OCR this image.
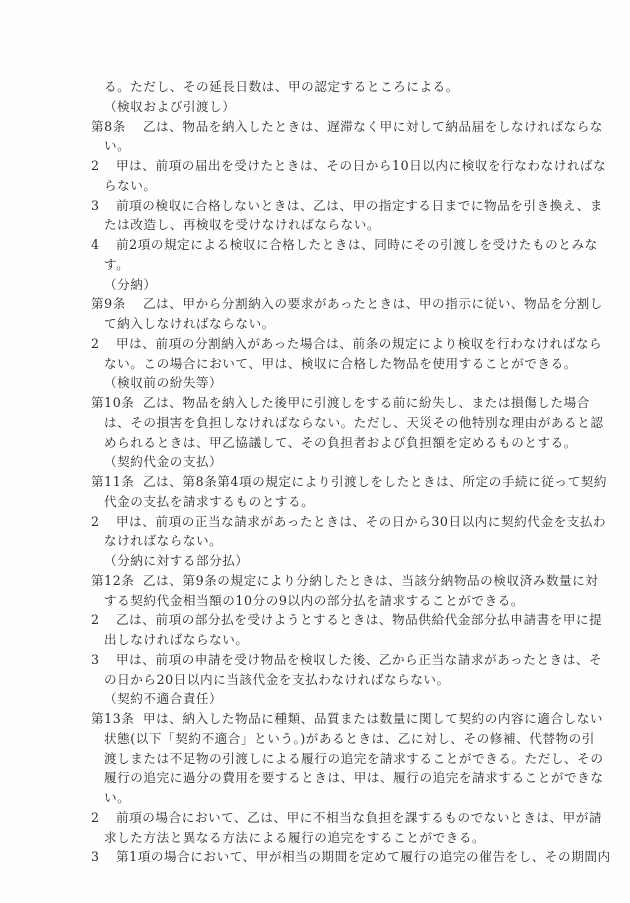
る。ただし、その延長日数は、甲の認定するところによる。
（検収および引渡し）
第8条 乙は、物品を納入したときは、遅滞なく甲に対して納品届をしなければならな
い。
2 甲は、前項の届出を受けたときは、その日から10日以内に検収を行なわなければな
らない。
3 前項の検収に合格しないときは、乙は、甲の指定する日までに物品を引き換え、ま
たは改造し、再検収を受けなければならない。
4 前2項の規定による検収に合格したときは、同時にその引渡しを受けたものとみな
す。
（分納）
第9条 乙は、甲から分割納入の要求があったときは、甲の指示に従い、物品を分割し
て納入しなければならない。
2 甲は、前項の分割納入があった場合は、前条の規定により検収を行わなければなら
ない。この場合において、甲は、検収に合格した物品を使用することができる。
（検収前の紛失等）
第10条 乙は、物品を納入した後甲に引渡しをする前に紛失し、または損傷した場合
は、その損害を負担しなければならない。ただし、天災その他特別な理由があると認
められるときは、甲乙協議して、その負担者および負担額を定めるものとする。
（契約代金の支払）
第11条 乙は、第8条第4項の規定により引渡しをしたときは、所定の手続に従って契約
代金の支払を請求するものとする。
2 甲は、前項の正当な請求があったときは、その日から30日以内に契約代金を支払わ
なければならない。
（分納に対する部分払）
第12条 乙は、第9条の規定により分納したときは、当該分納物品の検収済み数量に対
する契約代金相当額の10分の9以内の部分払を請求することができる。
2 乙は、前項の部分払を受けようとするときは、物品供給代金部分払申請書を甲に提
出しなければならない。
3 甲は、前項の申請を受け物品を検収した後、乙から正当な請求があったときは、そ
の日から20日以内に当該代金を支払わなければならない。
（契約不適合責任）
第13条 甲は、納入した物品に種類、品質または数量に関して契約の内容に適合しない
状態(以下「契約不適合」という。)があるときは、乙に対し、その修補、代替物の引
渡しまたは不足物の引渡しによる履行の追完を請求することができる。ただし、その
履行の追完に過分の費用を要するときは、甲は、履行の追完を請求することができな
い。
2 前項の場合において、乙は、甲に不相当な負担を課するものでないときは、甲が請
求した方法と異なる方法による履行の追完をすることができる。
3 第1項の場合において、甲が相当の期間を定めて履行の追完の催告をし、その期間内
